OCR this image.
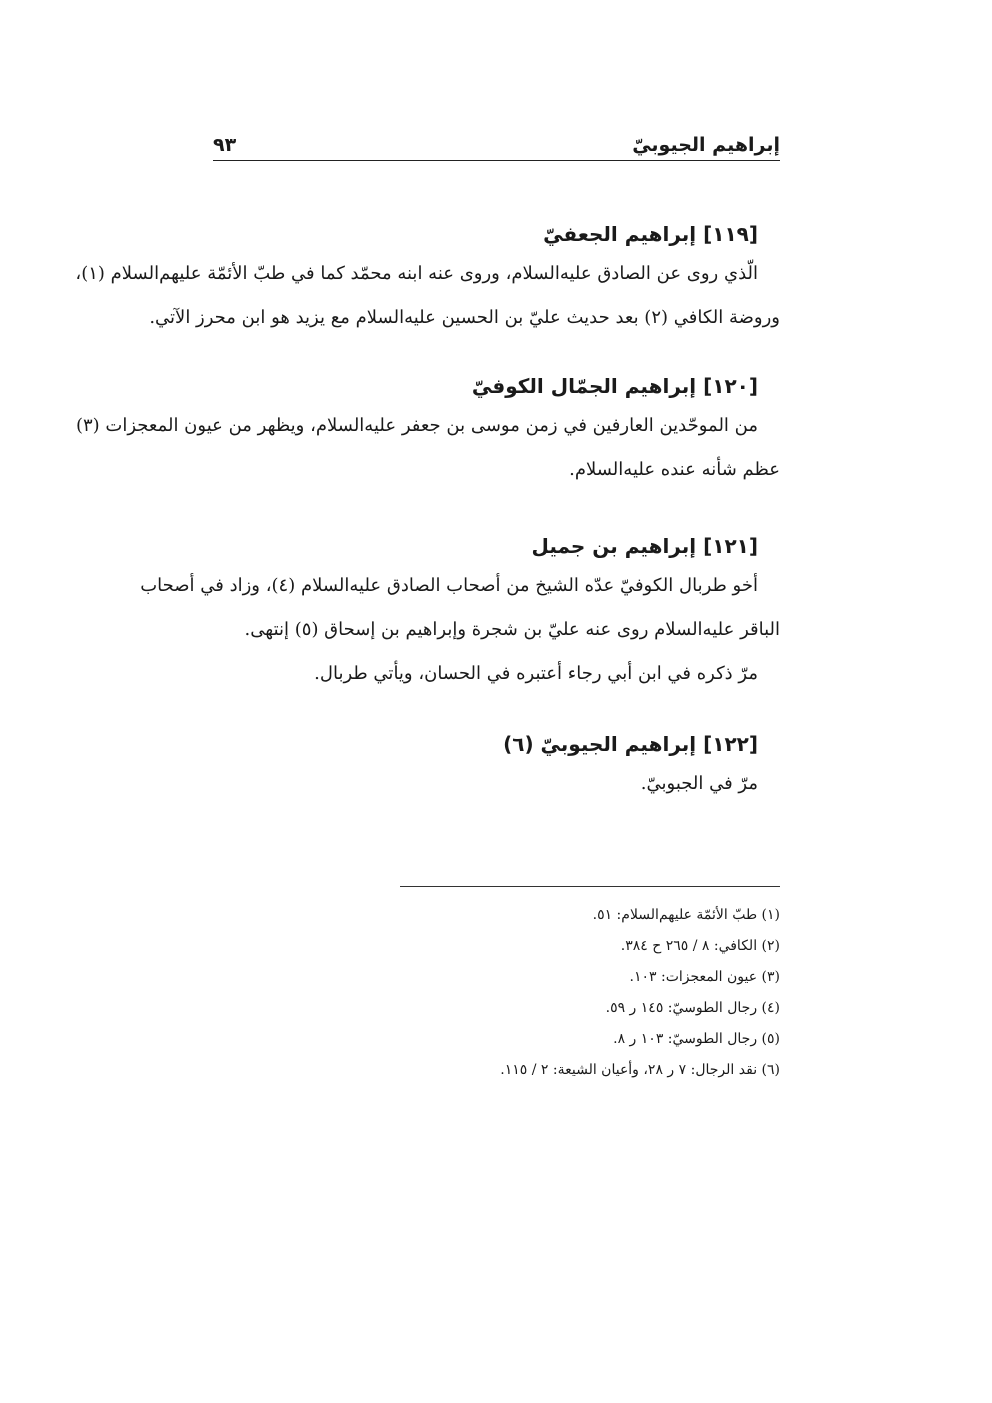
إبراهيم الجيوبيّ
٩٣

[١١٩] إبراهيم الجعفيّ

الّذي روى عن الصادق عليه‌السلام، وروى عنه ابنه محمّد كما في طبّ الأئمّة عليهم‌السلام (١)،

وروضة الكافي (٢) بعد حديث عليّ بن الحسين عليه‌السلام مع يزيد هو ابن محرز الآتي.

[١٢٠] إبراهيم الجمّال الكوفيّ

من الموحّدين العارفين في زمن موسى بن جعفر عليه‌السلام، ويظهر من عيون المعجزات (٣)

عظم شأنه عنده عليه‌السلام.

[١٢١] إبراهيم بن جميل

أخو طربال الكوفيّ عدّه الشيخ من أصحاب الصادق عليه‌السلام (٤)، وزاد في أصحاب

الباقر عليه‌السلام روى عنه عليّ بن شجرة وإبراهيم بن إسحاق (٥) إنتهى.

مرّ ذكره في ابن أبي رجاء أعتبره في الحسان، ويأتي طربال.

[١٢٢] إبراهيم الجيوبيّ (٦)

مرّ في الجبوبيّ.

(١) طبّ الأئمّة عليهم‌السلام: ٥١.
(٢) الكافي: ٨ / ٢٦٥ ح ٣٨٤.
(٣) عيون المعجزات: ١٠٣.
(٤) رجال الطوسيّ: ١٤٥ ر ٥٩.
(٥) رجال الطوسيّ: ١٠٣ ر ٨.
(٦) نقد الرجال: ٧ ر ٢٨، وأعيان الشيعة: ٢ / ١١٥.
